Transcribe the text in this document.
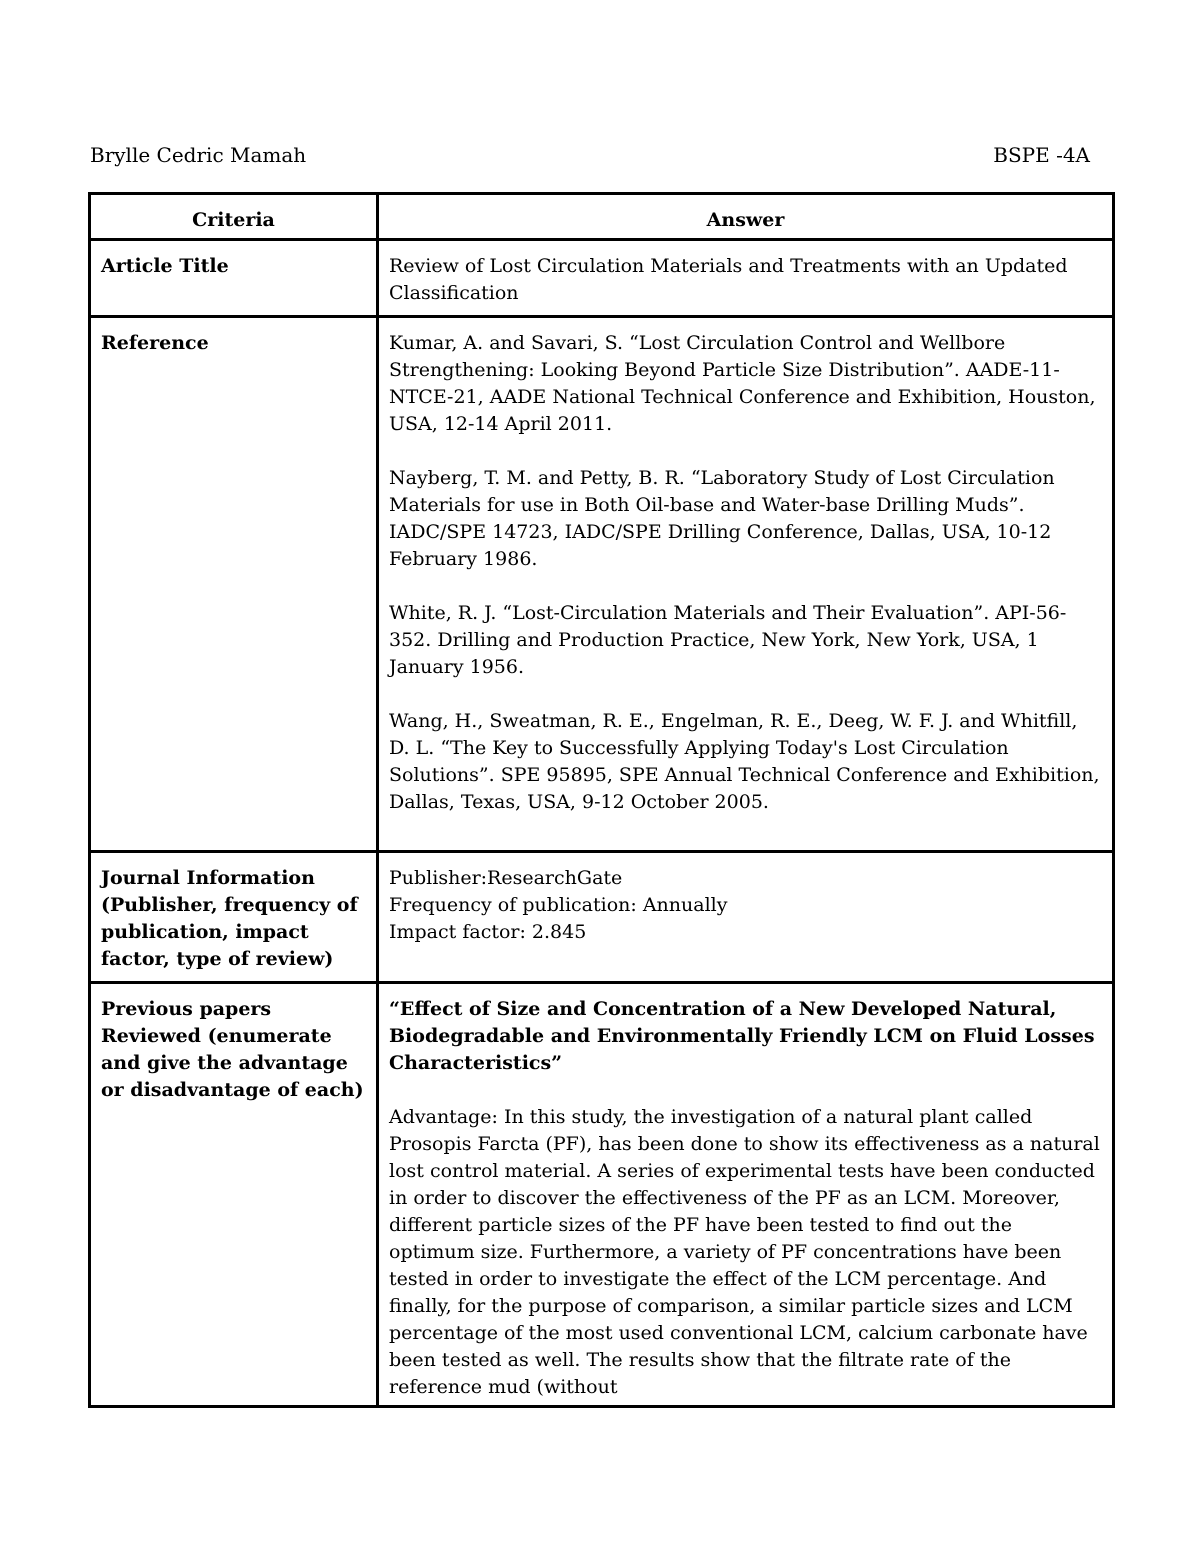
Brylle Cedric Mamah	BSPE -4A
Criteria	Answer
Article Title	Review of Lost Circulation Materials and Treatments with an Updated Classification
Reference	Kumar, A. and Savari, S. “Lost Circulation Control and Wellbore Strengthening: Looking Beyond Particle Size Distribution”. AADE-11-NTCE-21, AADE National Technical Conference and Exhibition, Houston, USA, 12-14 April 2011.
Nayberg, T. M. and Petty, B. R. “Laboratory Study of Lost Circulation Materials for use in Both Oil-base and Water-base Drilling Muds”. IADC/SPE 14723, IADC/SPE Drilling Conference, Dallas, USA, 10-12 February 1986.
White, R. J. “Lost-Circulation Materials and Their Evaluation”. API-56-352. Drilling and Production Practice, New York, New York, USA, 1 January 1956.
Wang, H., Sweatman, R. E., Engelman, R. E., Deeg, W. F. J. and Whitfill, D. L. “The Key to Successfully Applying Today's Lost Circulation Solutions”. SPE 95895, SPE Annual Technical Conference and Exhibition, Dallas, Texas, USA, 9-12 October 2005.

Journal Information (Publisher, frequency of publication, impact factor, type of review)	Publisher:ResearchGate
Frequency of publication: Annually
Impact factor: 2.845

Previous papers Reviewed (enumerate and give the advantage or disadvantage of each)	“Effect of Size and Concentration of a New Developed Natural, Biodegradable and Environmentally Friendly LCM on Fluid Losses Characteristics”
Advantage: In this study, the investigation of a natural plant called Prosopis Farcta (PF), has been done to show its effectiveness as a natural lost control material. A series of experimental tests have been conducted in order to discover the effectiveness of the PF as an LCM. Moreover, different particle sizes of the PF have been tested to find out the optimum size. Furthermore, a variety of PF concentrations have been tested in order to investigate the effect of the LCM percentage. And finally, for the purpose of comparison, a similar particle sizes and LCM percentage of the most used conventional LCM, calcium carbonate have been tested as well. The results show that the filtrate rate of the reference mud (without
